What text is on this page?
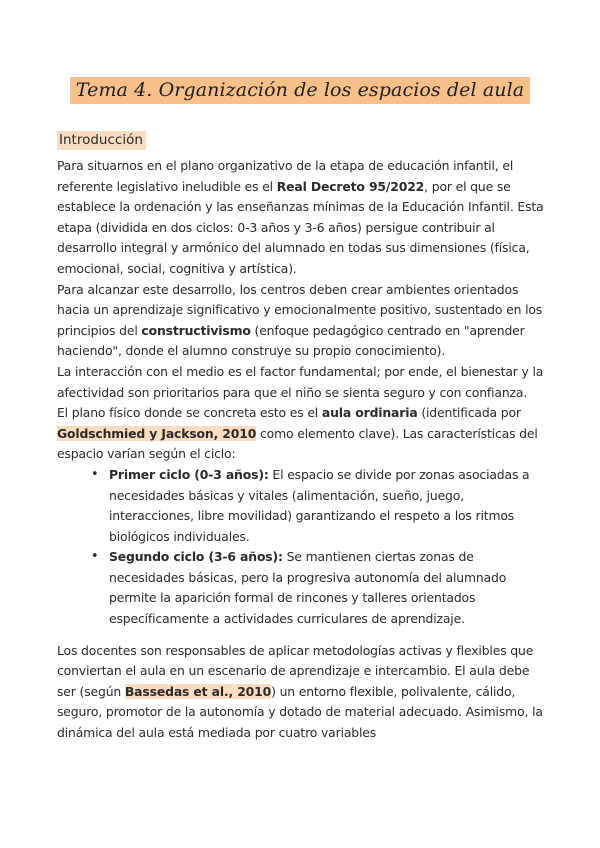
Tema 4. Organización de los espacios del aula
Introducción

Para situarnos en el plano organizativo de la etapa de educación infantil, el referente legislativo ineludible es el Real Decreto 95/2022, por el que se establece la ordenación y las enseñanzas mínimas de la Educación Infantil. Esta etapa (dividida en dos ciclos: 0-3 años y 3-6 años) persigue contribuir al desarrollo integral y armónico del alumnado en todas sus dimensiones (física, emocional, social, cognitiva y artística).

Para alcanzar este desarrollo, los centros deben crear ambientes orientados hacia un aprendizaje significativo y emocionalmente positivo, sustentado en los principios del constructivismo (enfoque pedagógico centrado en "aprender haciendo", donde el alumno construye su propio conocimiento).

La interacción con el medio es el factor fundamental; por ende, el bienestar y la afectividad son prioritarios para que el niño se sienta seguro y con confianza.

El plano físico donde se concreta esto es el aula ordinaria (identificada por Goldschmied y Jackson, 2010 como elemento clave). Las características del espacio varían según el ciclo:

• Primer ciclo (0-3 años): El espacio se divide por zonas asociadas a necesidades básicas y vitales (alimentación, sueño, juego, interacciones, libre movilidad) garantizando el respeto a los ritmos biológicos individuales.
• Segundo ciclo (3-6 años): Se mantienen ciertas zonas de necesidades básicas, pero la progresiva autonomía del alumnado permite la aparición formal de rincones y talleres orientados específicamente a actividades curriculares de aprendizaje.

Los docentes son responsables de aplicar metodologías activas y flexibles que conviertan el aula en un escenario de aprendizaje e intercambio. El aula debe ser (según Bassedas et al., 2010) un entorno flexible, polivalente, cálido, seguro, promotor de la autonomía y dotado de material adecuado. Asimismo, la dinámica del aula está mediada por cuatro variables
